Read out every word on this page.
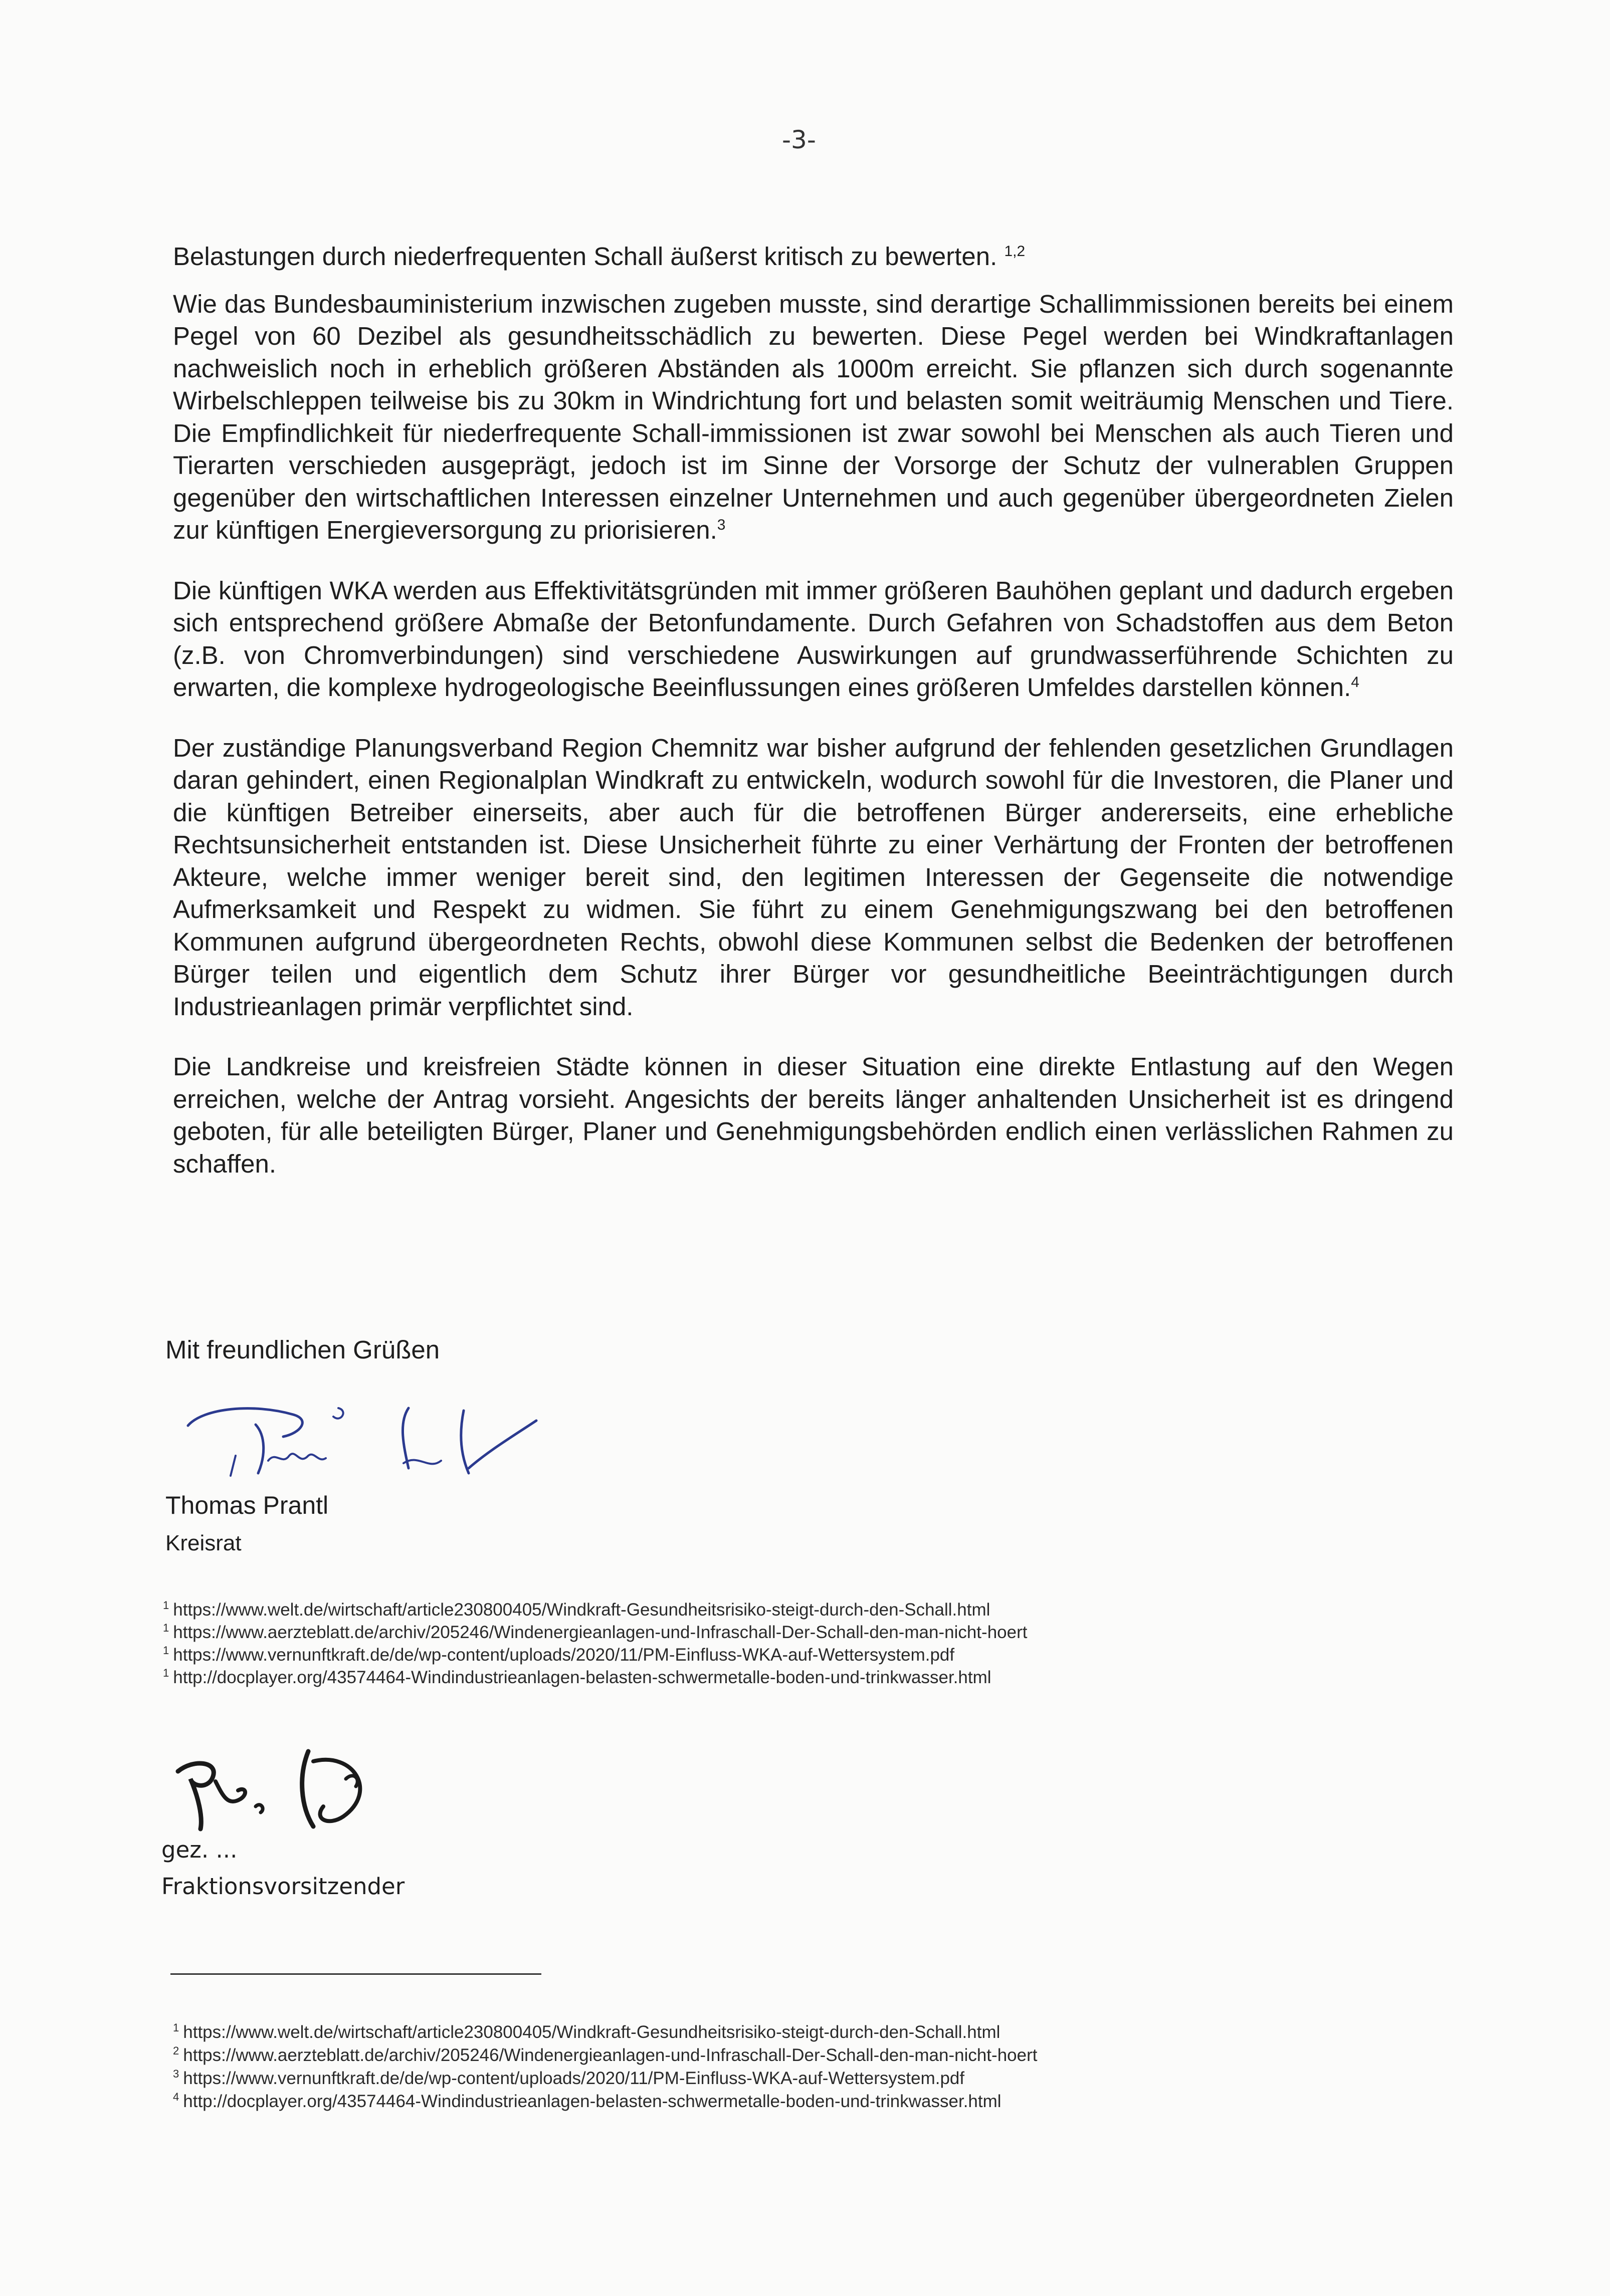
-3-

Belastungen durch niederfrequenten Schall äußerst kritisch zu bewerten. $^{1,2}$

Wie das Bundesbauministerium inzwischen zugeben musste, sind derartige Schallimmissionen bereits bei einem Pegel von 60 Dezibel als gesundheitsschädlich zu bewerten. Diese Pegel werden bei Windkraftanlagen nachweislich noch in erheblich größeren Abständen als 1000m erreicht. Sie pflanzen sich durch sogenannte Wirbelschleppen teilweise bis zu 30km in Windrichtung fort und belasten somit weiträumig Menschen und Tiere. Die Empfindlichkeit für niederfrequente Schall-immissionen ist zwar sowohl bei Menschen als auch Tieren und Tierarten verschieden ausgeprägt, jedoch ist im Sinne der Vorsorge der Schutz der vulnerablen Gruppen gegenüber den wirtschaftlichen Interessen einzelner Unternehmen und auch gegenüber übergeordneten Zielen zur künftigen Energieversorgung zu priorisieren.$^3$

Die künftigen WKA werden aus Effektivitätsgründen mit immer größeren Bauhöhen geplant und dadurch ergeben sich entsprechend größere Abmaße der Betonfundamente. Durch Gefahren von Schadstoffen aus dem Beton (z.B. von Chromverbindungen) sind verschiedene Auswirkungen auf grundwasserführende Schichten zu erwarten, die komplexe hydrogeologische Beeinflussungen eines größeren Umfeldes darstellen können.$^4$

Der zuständige Planungsverband Region Chemnitz war bisher aufgrund der fehlenden gesetzlichen Grundlagen daran gehindert, einen Regionalplan Windkraft zu entwickeln, wodurch sowohl für die Investoren, die Planer und die künftigen Betreiber einerseits, aber auch für die betroffenen Bürger andererseits, eine erhebliche Rechtsunsicherheit entstanden ist. Diese Unsicherheit führte zu einer Verhärtung der Fronten der betroffenen Akteure, welche immer weniger bereit sind, den legitimen Interessen der Gegenseite die notwendige Aufmerksamkeit und Respekt zu widmen. Sie führt zu einem Genehmigungszwang bei den betroffenen Kommunen aufgrund übergeordneten Rechts, obwohl diese Kommunen selbst die Bedenken der betroffenen Bürger teilen und eigentlich dem Schutz ihrer Bürger vor gesundheitliche Beeinträchtigungen durch Industrieanlagen primär verpflichtet sind.

Die Landkreise und kreisfreien Städte können in dieser Situation eine direkte Entlastung auf den Wegen erreichen, welche der Antrag vorsieht. Angesichts der bereits länger anhaltenden Unsicherheit ist es dringend geboten, für alle beteiligten Bürger, Planer und Genehmigungsbehörden endlich einen verlässlichen Rahmen zu schaffen.

Mit freundlichen Grüßen
Thomas Prantl
Kreisrat
$^1$ https://www.welt.de/wirtschaft/article230800405/Windkraft-Gesundheitsrisiko-steigt-durch-den-Schall.html
$^1$ https://www.aerzteblatt.de/archiv/205246/Windenergieanlagen-und-Infraschall-Der-Schall-den-man-nicht-hoert
$^1$ https://www.vernunftkraft.de/de/wp-content/uploads/2020/11/PM-Einfluss-WKA-auf-Wettersystem.pdf
$^1$ http://docplayer.org/43574464-Windindustrieanlagen-belasten-schwermetalle-boden-und-trinkwasser.html
gez. ...
Fraktionsvorsitzender
$^1$ https://www.welt.de/wirtschaft/article230800405/Windkraft-Gesundheitsrisiko-steigt-durch-den-Schall.html
$^2$ https://www.aerzteblatt.de/archiv/205246/Windenergieanlagen-und-Infraschall-Der-Schall-den-man-nicht-hoert
$^3$ https://www.vernunftkraft.de/de/wp-content/uploads/2020/11/PM-Einfluss-WKA-auf-Wettersystem.pdf
$^4$ http://docplayer.org/43574464-Windindustrieanlagen-belasten-schwermetalle-boden-und-trinkwasser.html
